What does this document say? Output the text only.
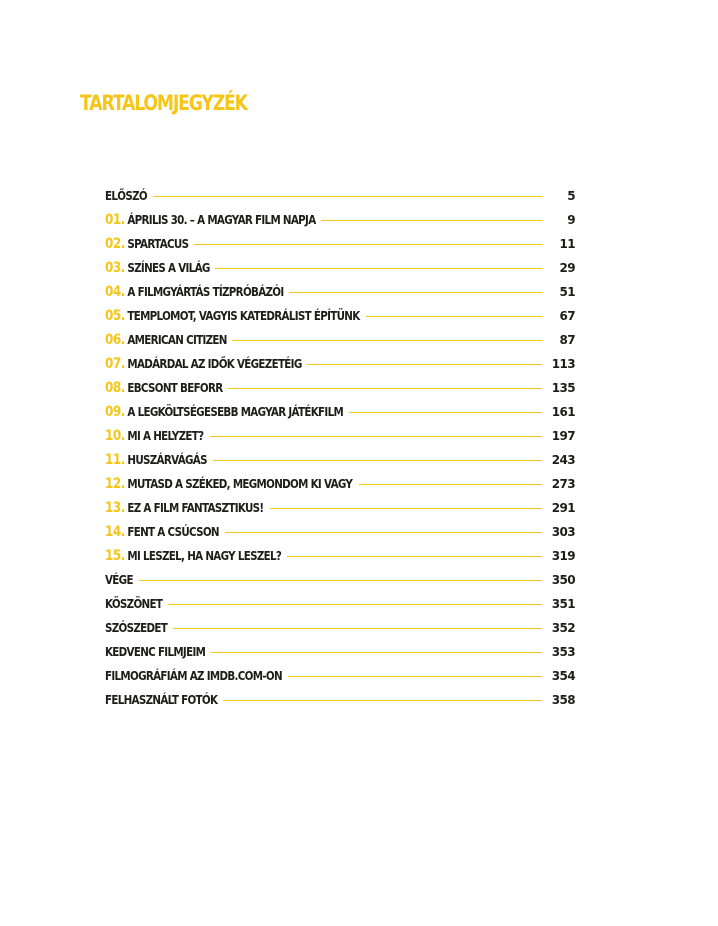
TARTALOMJEGYZÉK
ELŐSZÓ	5
01. ÁPRILIS 30. – A MAGYAR FILM NAPJA	9
02. SPARTACUS	11
03. SZÍNES A VILÁG	29
04. A FILMGYÁRTÁS TÍZPRÓBÁZÓI	51
05. TEMPLOMOT, VAGYIS KATEDRÁLIST ÉPÍTÜNK	67
06. AMERICAN CITIZEN	87
07. MADÁRDAL AZ IDŐK VÉGEZETÉIG	113
08. EBCSONT BEFORR	135
09. A LEGKÖLTSÉGESEBB MAGYAR JÁTÉKFILM	161
10. MI A HELYZET?	197
11. HUSZÁRVÁGÁS	243
12. MUTASD A SZÉKED, MEGMONDOM KI VAGY	273
13. EZ A FILM FANTASZTIKUS!	291
14. FENT A CSÚCSON	303
15. MI LESZEL, HA NAGY LESZEL?	319
VÉGE	350
KÖSZÖNET	351
SZÓSZEDET	352
KEDVENC FILMJEIM	353
FILMOGRÁFIÁM AZ IMDB.COM-ON	354
FELHASZNÁLT FOTÓK	358
